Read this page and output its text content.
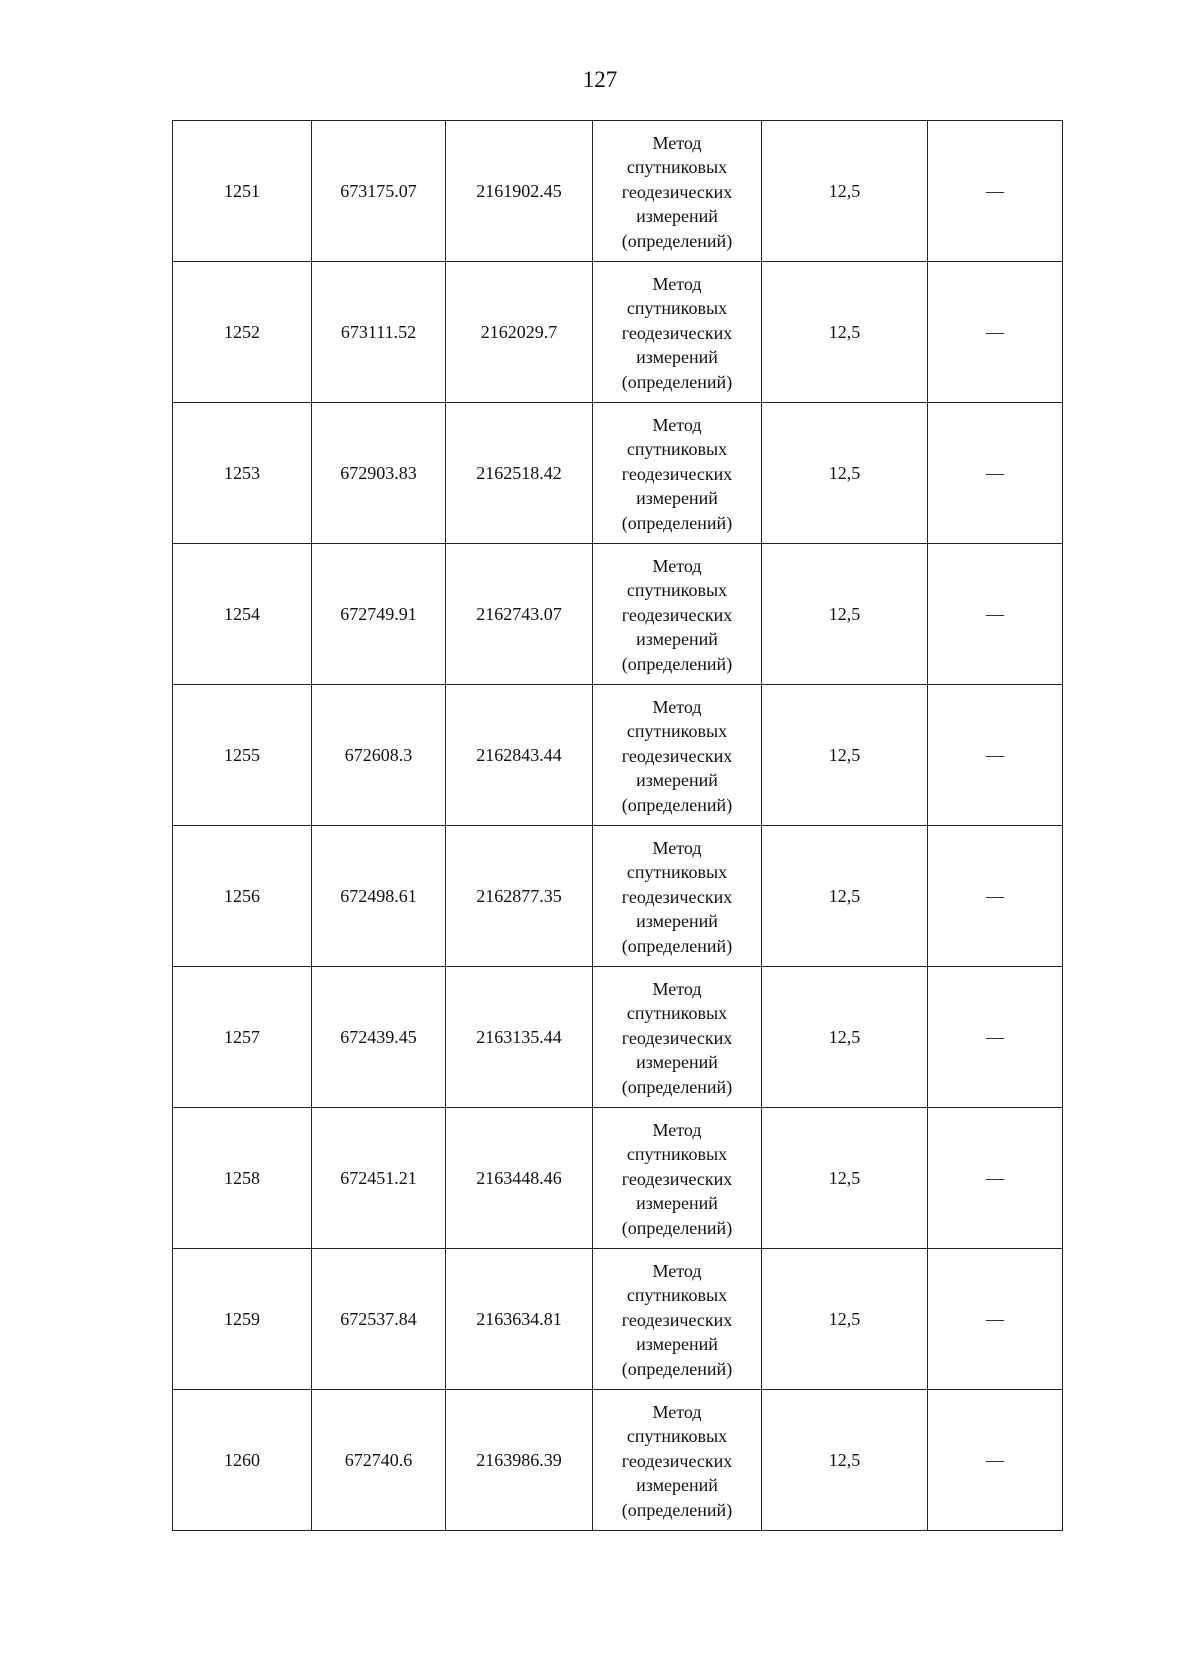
127
1251	673175.07	2161902.45	Метод
спутниковых
геодезических
измерений
(определений)	12,5	—
1252	673111.52	2162029.7	Метод
спутниковых
геодезических
измерений
(определений)	12,5	—
1253	672903.83	2162518.42	Метод
спутниковых
геодезических
измерений
(определений)	12,5	—
1254	672749.91	2162743.07	Метод
спутниковых
геодезических
измерений
(определений)	12,5	—
1255	672608.3	2162843.44	Метод
спутниковых
геодезических
измерений
(определений)	12,5	—
1256	672498.61	2162877.35	Метод
спутниковых
геодезических
измерений
(определений)	12,5	—
1257	672439.45	2163135.44	Метод
спутниковых
геодезических
измерений
(определений)	12,5	—
1258	672451.21	2163448.46	Метод
спутниковых
геодезических
измерений
(определений)	12,5	—
1259	672537.84	2163634.81	Метод
спутниковых
геодезических
измерений
(определений)	12,5	—
1260	672740.6	2163986.39	Метод
спутниковых
геодезических
измерений
(определений)	12,5	—
